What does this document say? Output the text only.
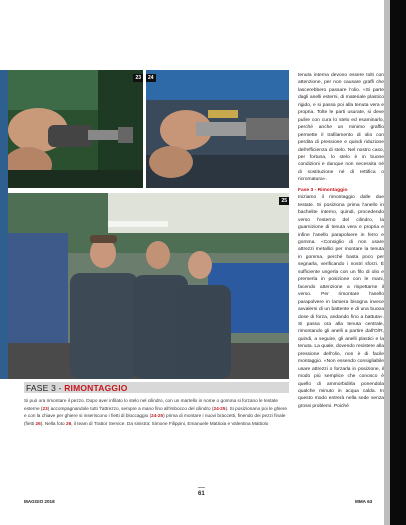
23	24
25
FASE 3 - RIMONTAGGIO
Si può ora rimontare il pezzo. Dopo aver infilato lo stelo nel cilindro, con un martello in nome o gomma si forzano le testate esterne (23) accompagnandole tutti 'l'attrezzo, sempre a mano fino all'imbocco del cilindro (24-25). Si posizionano poi le ghiere e con la chiave per ghiere si inseriscono i fietti di bloccaggio (24-25) prima di montare i nuovi braccetti, finendo dei pezzi finale (fietti 26). Nella foto 26, il team di Trattor Service. Da sinistra: Simone Filippini, Emanuele Mattioia e Valentina Mattiolo

tenuta interna devono essere tolti con attenzione, per non causare graffi che lascerebbero passare l'olio. «Si parte dagli anelli esterni, di materiale plastico rigido, e si passa poi alla tenuta vera e propria. Tolte le parti usurate, si deve pulire con cura lo stelo ed esaminarlo, perché anche un minimo graffio permette il trafilamento di olio con perdita di pressione e quindi riduzione dell'efficienza di stelo. Nel nostro caso, per fortuna, lo stelo è in buone condizioni e dunque non necessita né di sostituzione né di rettifica o ricromatura».

Fase 3 - Rimontaggio

Iniziamo il rimontaggio dalle due testate. Si posiziona prima l'anello in bachelite interno, quindi, procedendo verso l'esterno del cilindro, la guarnizione di tenuta vera e propria e infine l'anello parapolvere in ferro e gomma. «Consiglio di non usare attrezzi metallici per montare la tenuta in gomma, perché basta poco per segnarla, verificando i nostri sforzi. È sufficiente ungerla con un filo di olio e premerla in posizione con le mani, facendo attenzione a rispettarne il verso. Per rimontare l'anello parapolvere in lamiera bisogna invece avvalersi di un battente e di una buona dose di forza, andando fino a battuta». Si passa ora alla tenuta centrale, rimontando gli anelli a partire dall'O/R, quindi, a seguire, gli anelli plastici e la tenuta. La quale, dovendo resistere alla pressione dell'olio, non è di facile montaggio. «Non essendo consigliabile usare attrezzi o forzarla in posizione, il modo più semplice che conosco è quello di ammorbidirla ponendola qualche minuto in acqua calda. In questo modo entrerà nella sede senza grossi problemi. Poiché

MAGGIO 2018
61
MMA 63
